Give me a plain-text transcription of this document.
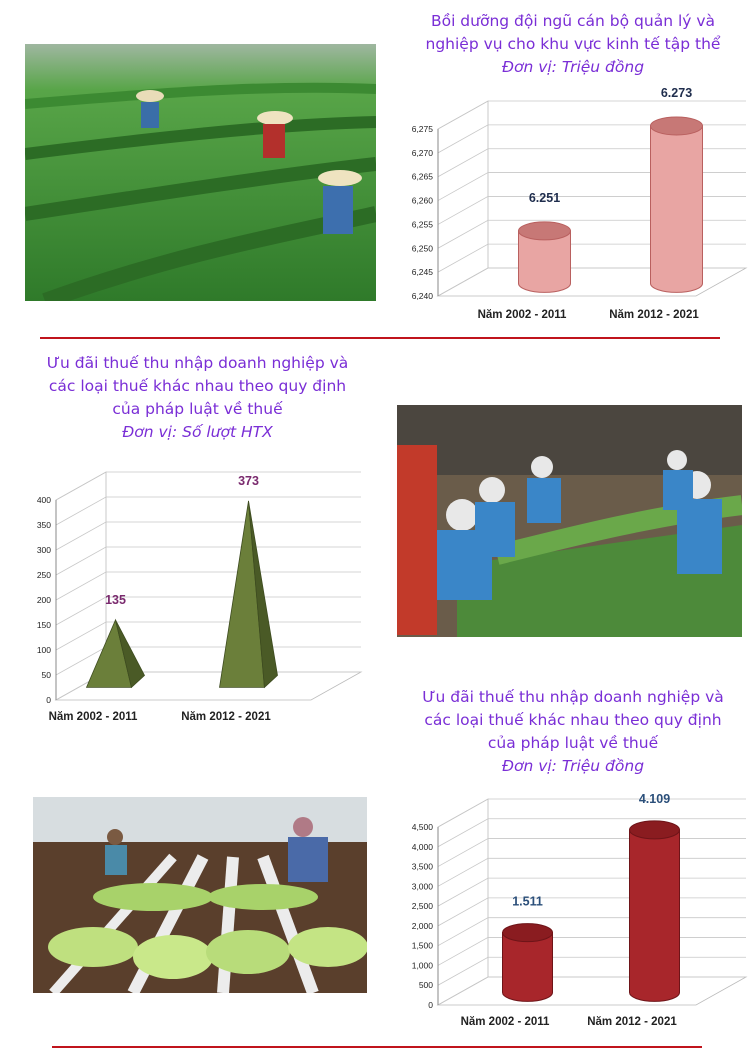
Bồi dưỡng đội ngũ cán bộ quản lý và
nghiệp vụ cho khu vực kinh tế tập thể
Đơn vị: Triệu đồng
6,240
6,245
6,250
6,255
6,260
6,265
6,270
6,275
6.251
Năm 2002 - 2011
6.273
Năm 2012 - 2021
Ưu đãi thuế thu nhập doanh nghiệp và
các loại thuế khác nhau theo quy định
của pháp luật về thuế
Đơn vị: Số lượt HTX
0
50
100
150
200
250
300
350
400
135
Năm 2002 - 2011
373
Năm 2012 - 2021
Ưu đãi thuế thu nhập doanh nghiệp và
các loại thuế khác nhau theo quy định
của pháp luật về thuế
Đơn vị: Triệu đồng
0
500
1,000
1,500
2,000
2,500
3,000
3,500
4,000
4,500
1.511
Năm 2002 - 2011
4.109
Năm 2012 - 2021
